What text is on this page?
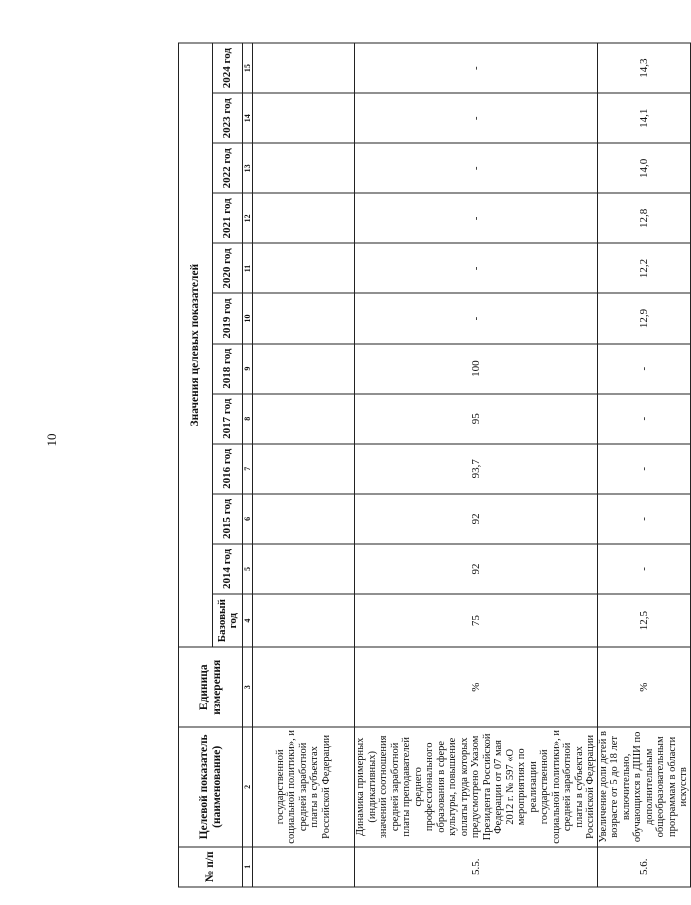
10
№ п/п	Целевой показатель (наименование)	Единица измерения	Значения целевых показателей											
			Базовый год	2014 год	2015 год	2016 год	2017 год	2018 год	2019 год	2020 год	2021 год	2022 год	2023 год	2024 год
1	2	3	4	5	6	7	8	9	10	11	12	13	14	15
	государственной социальной политики», и средней заработной платы в субъектах Российской Федерации													
5.5.	Динамика примерных (индикативных) значений соотношения средней заработной платы преподавателей среднего профессионального образования в сфере культуры, повышение оплаты труда которых предусмотрено Указом Президента Российской Федерации от 07 мая 2012 г. № 597 «О мероприятиях по реализации государственной социальной политики», и средней заработной платы в субъектах Российской Федерации	%	75	92	92	93,7	95	100	-	-	-	-	-	-
5.6.	Увеличение доли детей в возрасте от 5 до 18 лет включительно, обучающихся в ДШИ по дополнительным общеобразовательным программам в области искусств	%	12,5	-	-	-	-	-	12,9	12,2	12,8	14,0	14,1	14,3
